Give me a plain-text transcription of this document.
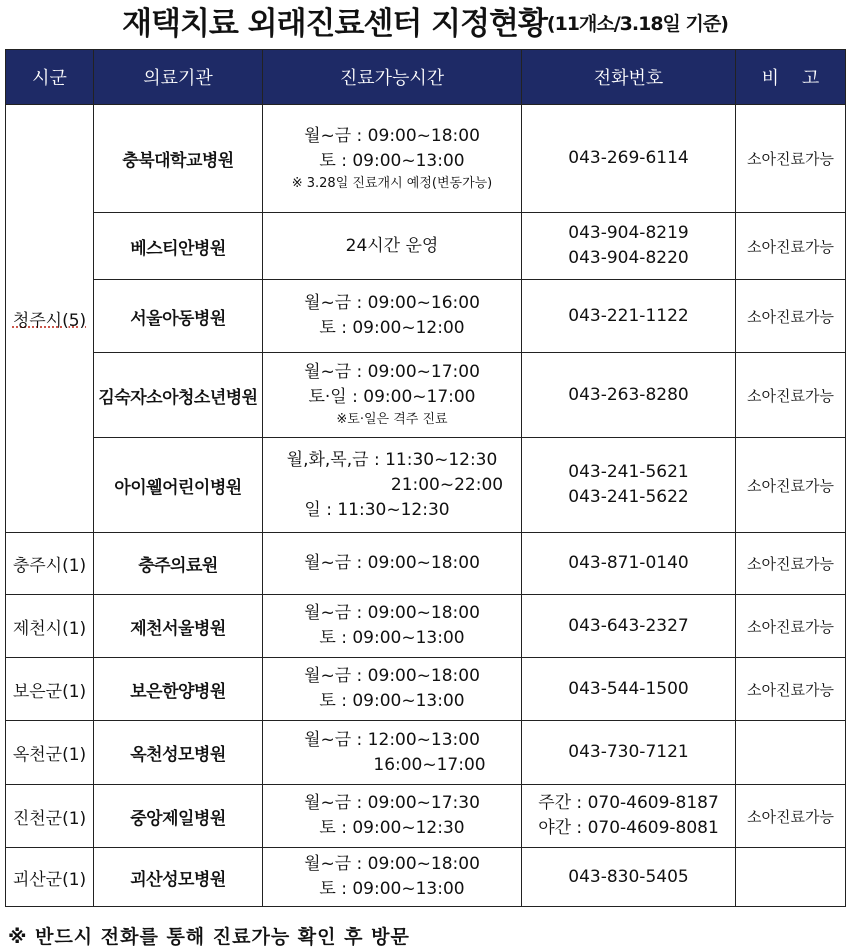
재택치료 외래진료센터 지정현황(11개소/3.18일 기준)
시군	의료기관	진료가능시간	전화번호	비    고
청주시(5)	충북대학교병원	월~금 : 09:00~18:00
토 : 09:00~13:00
※ 3.28일 진료개시 예정(변동가능)	043-269-6114	소아진료가능
	베스티안병원	24시간 운영	043-904-8219
043-904-8220	소아진료가능
	서울아동병원	월~금 : 09:00~16:00
토 : 09:00~12:00	043-221-1122	소아진료가능
	김숙자소아청소년병원	월~금 : 09:00~17:00
토·일 : 09:00~17:00
※토·일은 격주 진료	043-263-8280	소아진료가능
	아이웰어린이병원	월,화,목,금 : 11:30~12:30
21:00~22:00
일 : 11:30~12:30	043-241-5621
043-241-5622	소아진료가능
충주시(1)	충주의료원	월~금 : 09:00~18:00	043-871-0140	소아진료가능
제천시(1)	제천서울병원	월~금 : 09:00~18:00
토 : 09:00~13:00	043-643-2327	소아진료가능
보은군(1)	보은한양병원	월~금 : 09:00~18:00
토 : 09:00~13:00	043-544-1500	소아진료가능
옥천군(1)	옥천성모병원	월~금 : 12:00~13:00
16:00~17:00	043-730-7121	

진천군(1)	중앙제일병원	월~금 : 09:00~17:30
토 : 09:00~12:30	주간 : 070-4609-8187
야간 : 070-4609-8081	소아진료가능
괴산군(1)	괴산성모병원	월~금 : 09:00~18:00
토 : 09:00~13:00	043-830-5405	

※ 반드시 전화를 통해 진료가능 확인 후 방문
